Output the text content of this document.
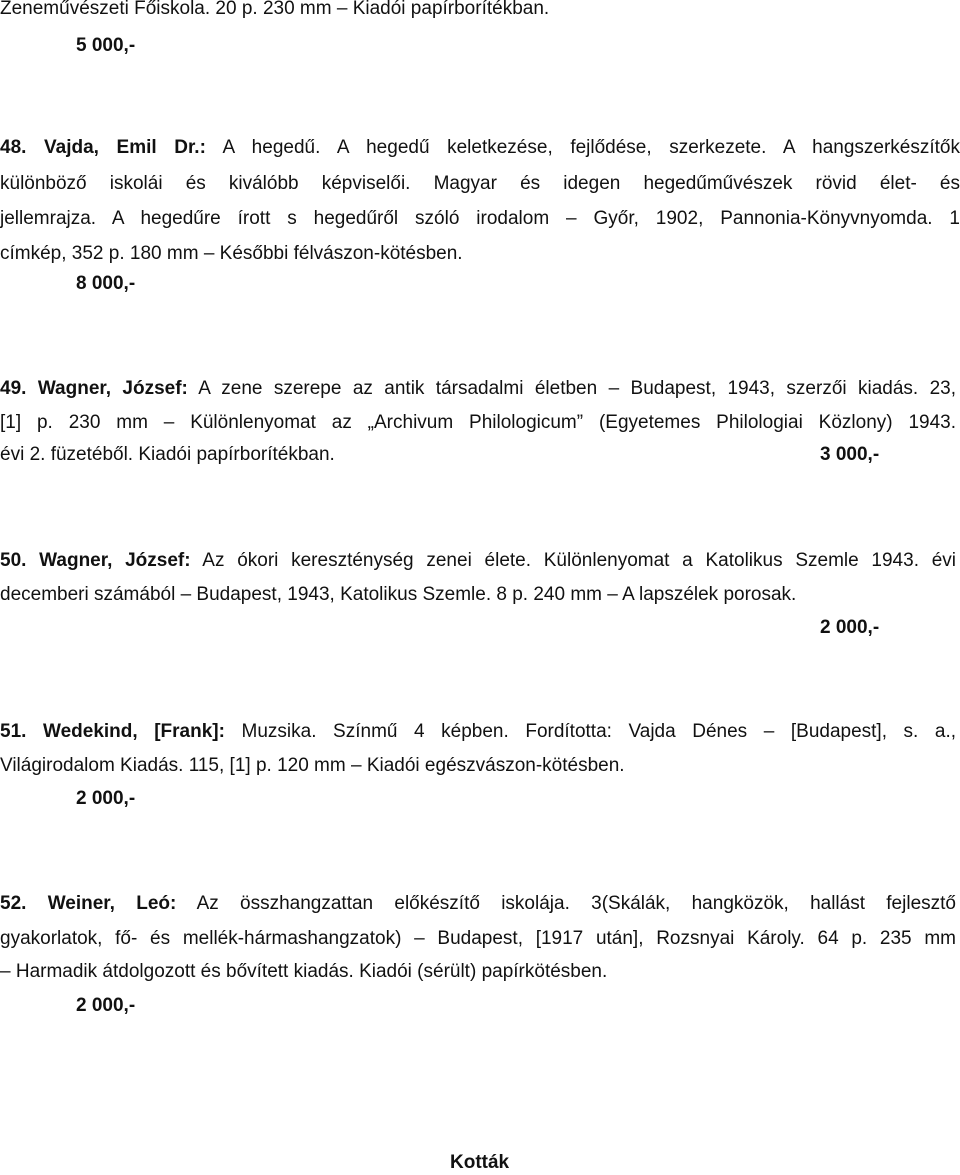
Zeneművészeti Főiskola. 20 p. 230 mm – Kiadói papírborítékban.
5 000,-
48. Vajda, Emil Dr.: A hegedű. A hegedű keletkezése, fejlődése, szerkezete. A hangszerkészítők
különböző iskolái és kiválóbb képviselői. Magyar és idegen hegedűművészek rövid élet- és
jellemrajza. A hegedűre írott s hegedűről szóló irodalom – Győr, 1902, Pannonia-Könyvnyomda. 1
címkép, 352 p. 180 mm – Későbbi félvászon-kötésben.
8 000,-
49. Wagner, József: A zene szerepe az antik társadalmi életben – Budapest, 1943, szerzői kiadás. 23,
[1] p. 230 mm – Különlenyomat az „Archivum Philologicum” (Egyetemes Philologiai Közlony) 1943.
évi 2. füzetéből. Kiadói papírborítékban.	3 000,-
50. Wagner, József: Az ókori kereszténység zenei élete. Különlenyomat a Katolikus Szemle 1943. évi
decemberi számából – Budapest, 1943, Katolikus Szemle. 8 p. 240 mm – A lapszélek porosak.
2 000,-
51. Wedekind, [Frank]: Muzsika. Színmű 4 képben. Fordította: Vajda Dénes – [Budapest], s. a.,
Világirodalom Kiadás. 115, [1] p. 120 mm – Kiadói egészvászon-kötésben.
2 000,-
52. Weiner, Leó: Az összhangzattan előkészítő iskolája. 3(Skálák, hangközök, hallást fejlesztő
gyakorlatok, fő- és mellék-hármashangzatok) – Budapest, [1917 után], Rozsnyai Károly. 64 p. 235 mm
– Harmadik átdolgozott és bővített kiadás. Kiadói (sérült) papírkötésben.
2 000,-
Kották
